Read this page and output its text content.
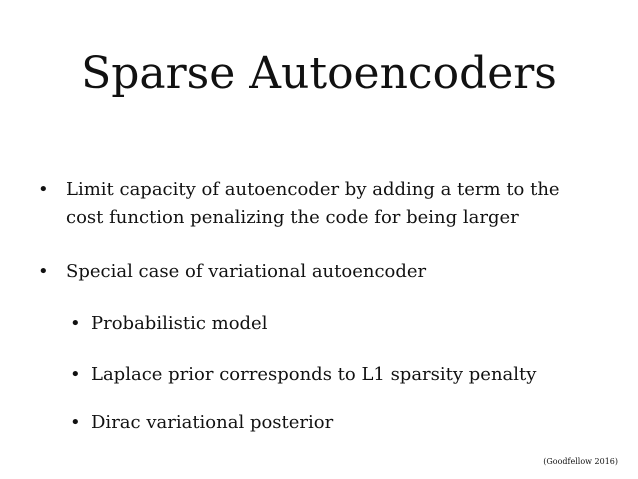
Sparse Autoencoders
• Limit capacity of autoencoder by adding a term to the cost function penalizing the code for being larger
• Special case of variational autoencoder
• Probabilistic model
• Laplace prior corresponds to L1 sparsity penalty
• Dirac variational posterior
(Goodfellow 2016)
